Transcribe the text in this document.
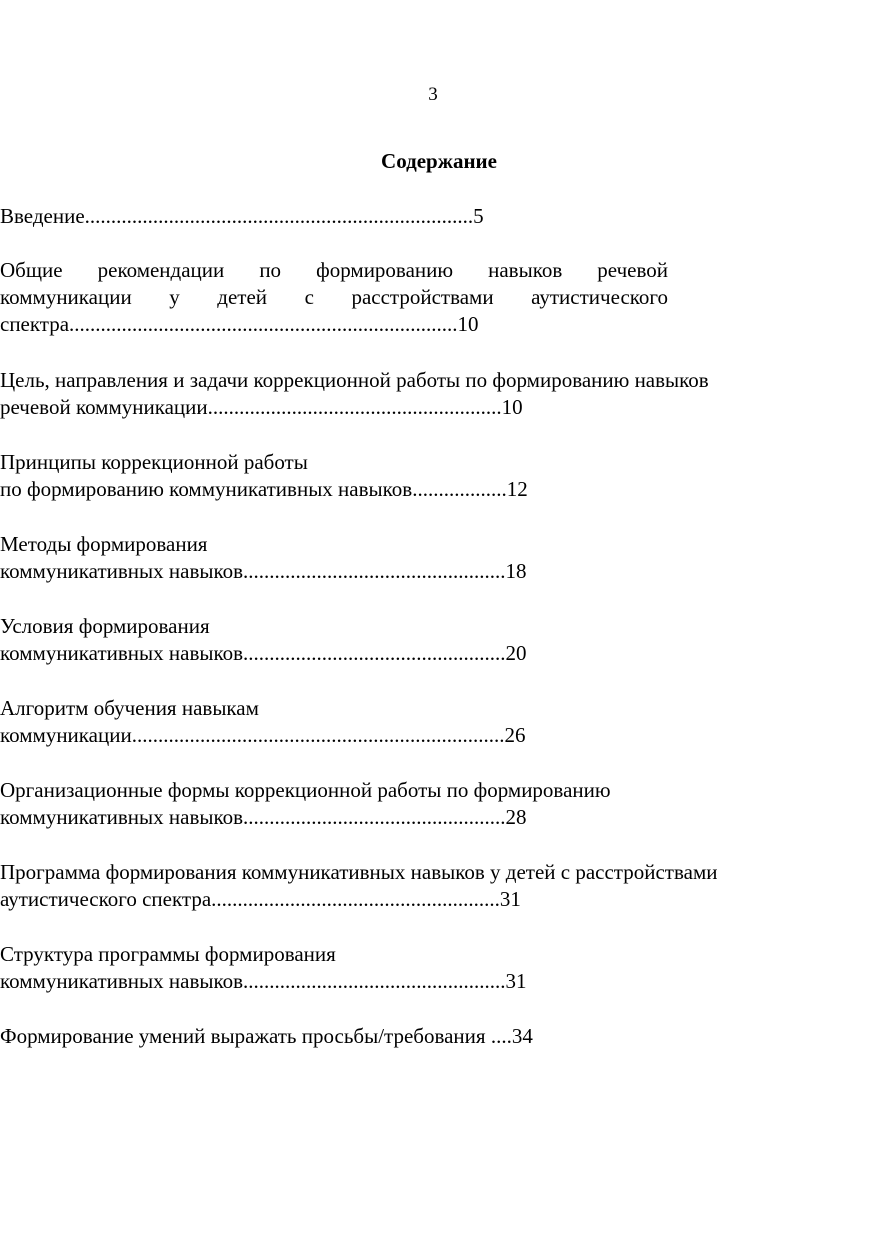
3
Содержание
Введение..........................................................................5
Общие рекомендации по формированию навыков речевой
коммуникации у детей с расстройствами аутистического
спектра..........................................................................10
Цель, направления и задачи коррекционной работы по формированию навыков
речевой коммуникации........................................................10
Принципы коррекционной работы
по формированию коммуникативных навыков..................12
Методы формирования
коммуникативных навыков..................................................18
Условия формирования
коммуникативных навыков..................................................20
Алгоритм обучения навыкам
коммуникации.......................................................................26
Организационные формы коррекционной работы по формированию
коммуникативных навыков..................................................28
Программа формирования коммуникативных навыков у детей с расстройствами
аутистического спектра.......................................................31
Структура программы формирования
коммуникативных навыков..................................................31
Формирование умений выражать просьбы/требования ....34
